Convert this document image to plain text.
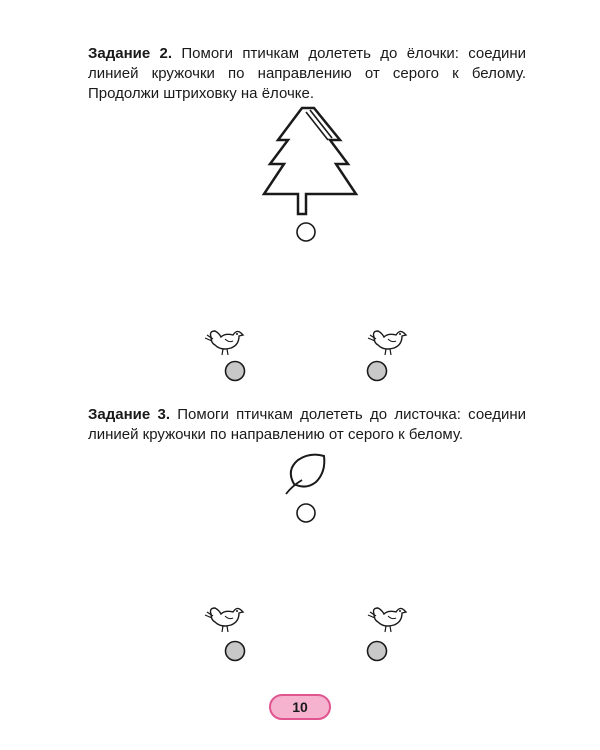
Задание 2. Помоги птичкам долететь до ёлочки: соедини линией кружочки по направлению от серого к белому. Продолжи штриховку на ёлочке.

Задание 3. Помоги птичкам долететь до листочка: соедини линией кружочки по направлению от серого к белому.

10
